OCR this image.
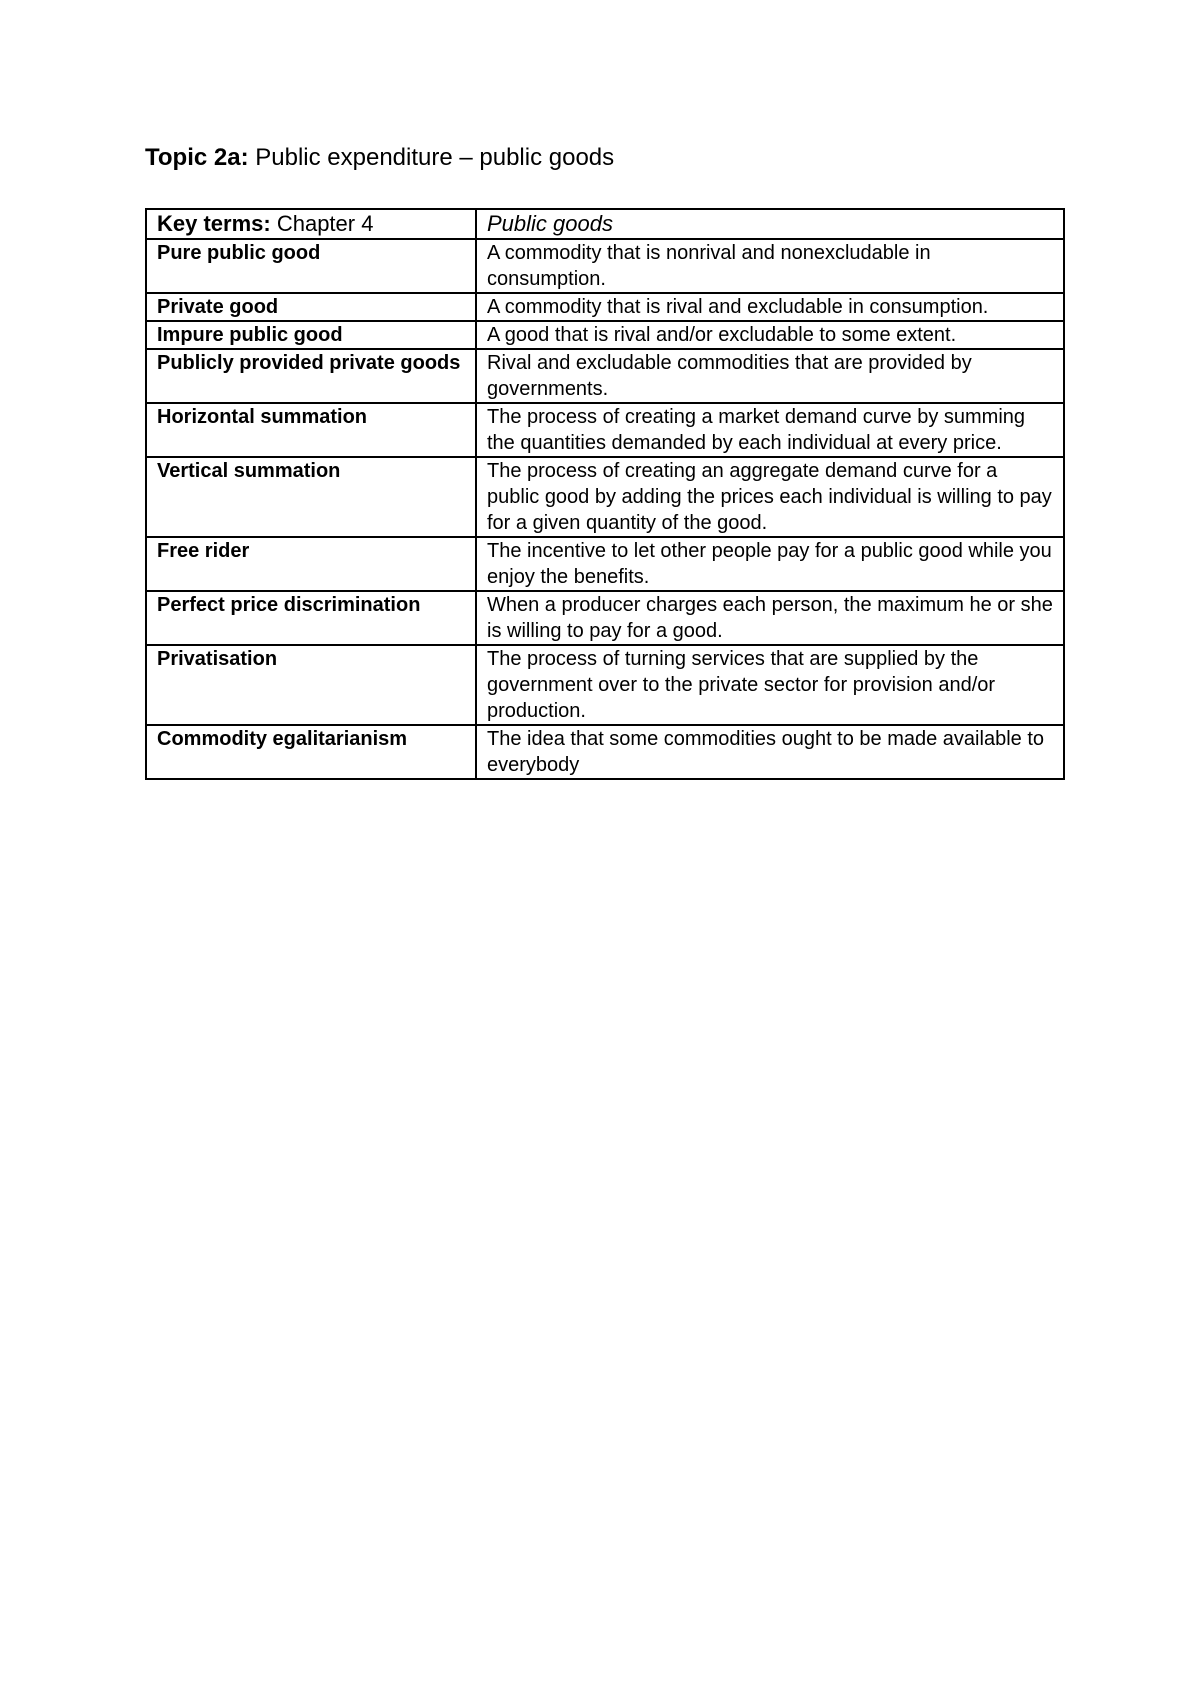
Topic 2a: Public expenditure – public goods
Key terms: Chapter 4	Public goods
Pure public good	A commodity that is nonrival and nonexcludable in consumption.
Private good	A commodity that is rival and excludable in consumption.
Impure public good	A good that is rival and/or excludable to some extent.
Publicly provided private goods	Rival and excludable commodities that are provided by governments.
Horizontal summation	The process of creating a market demand curve by summing the quantities demanded by each individual at every price.
Vertical summation	The process of creating an aggregate demand curve for a public good by adding the prices each individual is willing to pay for a given quantity of the good.
Free rider	The incentive to let other people pay for a public good while you enjoy the benefits.
Perfect price discrimination	When a producer charges each person, the maximum he or she is willing to pay for a good.
Privatisation	The process of turning services that are supplied by the government over to the private sector for provision and/or production.
Commodity egalitarianism	The idea that some commodities ought to be made available to everybody
